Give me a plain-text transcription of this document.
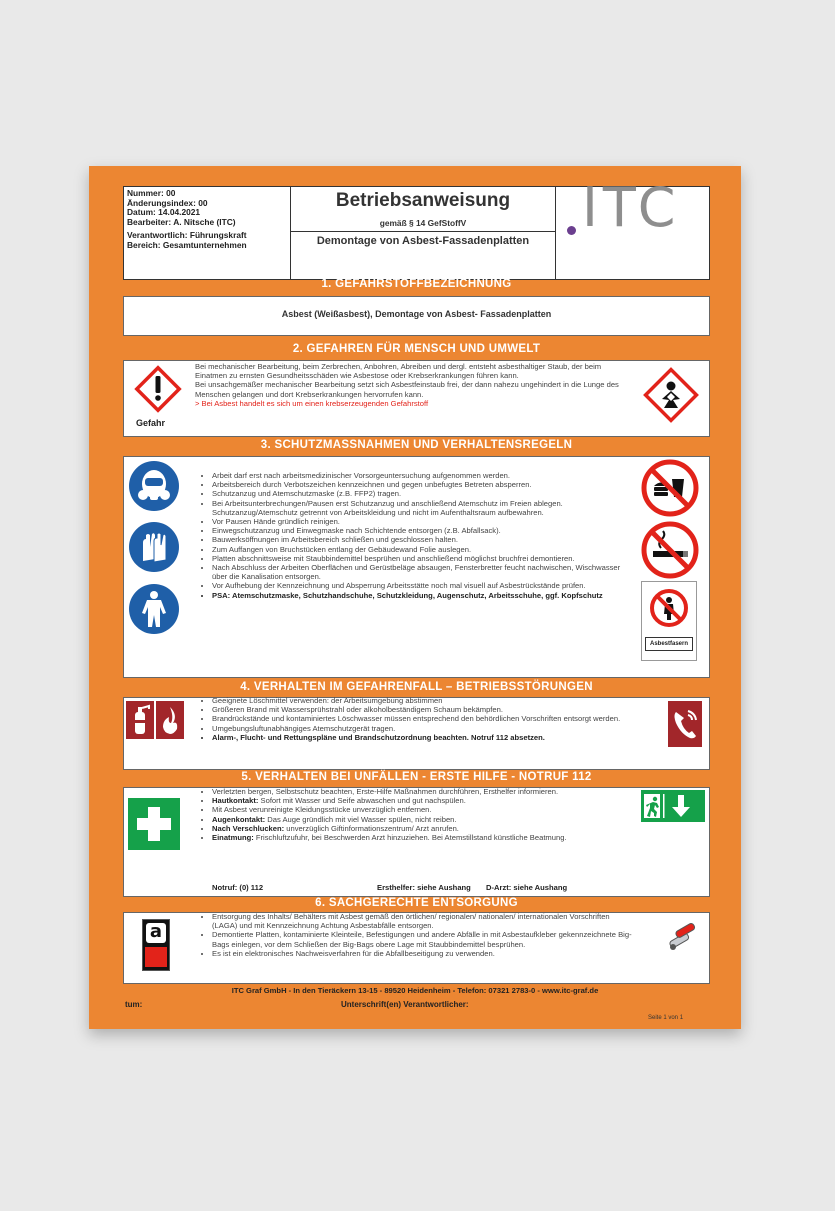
Nummer: 00
Änderungsindex: 00
Datum: 14.04.2021
Bearbeiter: A. Nitsche (ITC)
Verantwortlich: Führungskraft
Bereich: Gesamtunternehmen
Betriebsanweisung
gemäß § 14 GefStoffV
Demontage von Asbest-Fassadenplatten
ITC
1. GEFAHRSTOFFBEZEICHNUNG
Asbest (Weißasbest), Demontage von Asbest- Fassadenplatten
2. GEFAHREN FÜR MENSCH UND UMWELT
Gefahr
Bei mechanischer Bearbeitung, beim Zerbrechen, Anbohren, Abreiben und dergl. entsteht asbesthaltiger Staub, der beim Einatmen zu ernsten Gesundheitsschäden wie Asbestose oder Krebserkrankungen führen kann.
Bei unsachgemäßer mechanischer Bearbeitung setzt sich Asbestfeinstaub frei, der dann nahezu ungehindert in die Lunge des Menschen gelangen und dort Krebserkrankungen hervorrufen kann.
> Bei Asbest handelt es sich um einen krebserzeugenden Gefahrstoff
3. SCHUTZMASSNAHMEN UND VERHALTENSREGELN
• Arbeit darf erst nach arbeitsmedizinischer Vorsorgeuntersuchung aufgenommen werden.
• Arbeitsbereich durch Verbotszeichen kennzeichnen und gegen unbefugtes Betreten absperren.
• Schutzanzug und Atemschutzmaske (z.B. FFP2) tragen.
• Bei Arbeitsunterbrechungen/Pausen erst Schutzanzug und anschließend Atemschutz im Freien ablegen. Schutzanzug/Atemschutz getrennt von Arbeitskleidung und nicht im Aufenthaltsraum aufbewahren.
• Vor Pausen Hände gründlich reinigen.
• Einwegschutzanzug und Einwegmaske nach Schichtende entsorgen (z.B. Abfallsack).
• Bauwerksöffnungen im Arbeitsbereich schließen und geschlossen halten.
• Zum Auffangen von Bruchstücken entlang der Gebäudewand Folie auslegen.
• Platten abschnittsweise mit Staubbindemittel besprühen und anschließend möglichst bruchfrei demontieren.
• Nach Abschluss der Arbeiten Oberflächen und Gerüstbeläge absaugen, Fensterbretter feucht nachwischen, Wischwasser über die Kanalisation entsorgen.
• Vor Aufhebung der Kennzeichnung und Absperrung Arbeitsstätte noch mal visuell auf Asbestrückstände prüfen.
• PSA: Atemschutzmaske, Schutzhandschuhe, Schutzkleidung, Augenschutz, Arbeitsschuhe, ggf. Kopfschutz
Asbestfasern
4. VERHALTEN IM GEFAHRENFALL – BETRIEBSSTÖRUNGEN
• Geeignete Löschmittel verwenden: der Arbeitsumgebung abstimmen
• Größeren Brand mit Wassersprühstrahl oder alkoholbeständigem Schaum bekämpfen.
• Brandrückstände und kontaminiertes Löschwasser müssen entsprechend den behördlichen Vorschriften entsorgt werden.
• Umgebungsluftunabhängiges Atemschutzgerät tragen.
• Alarm-, Flucht- und Rettungspläne und Brandschutzordnung beachten. Notruf 112 absetzen.
5. VERHALTEN BEI UNFÄLLEN - ERSTE HILFE - NOTRUF 112
• Verletzten bergen, Selbstschutz beachten, Erste-Hilfe Maßnahmen durchführen, Ersthelfer informieren.
• Hautkontakt: Sofort mit Wasser und Seife abwaschen und gut nachspülen.
• Mit Asbest verunreinigte Kleidungsstücke unverzüglich entfernen.
• Augenkontakt: Das Auge gründlich mit viel Wasser spülen, nicht reiben.
• Nach Verschlucken: unverzüglich Giftinformationszentrum/ Arzt anrufen.
• Einatmung: Frischluftzufuhr, bei Beschwerden Arzt hinzuziehen. Bei Atemstillstand künstliche Beatmung.
Notruf: (0) 112	Ersthelfer: siehe Aushang D-Arzt: siehe Aushang
6. SACHGERECHTE ENTSORGUNG
a
• Entsorgung des Inhalts/ Behälters mit Asbest gemäß den örtlichen/ regionalen/ nationalen/ internationalen Vorschriften (LAGA) und mit Kennzeichnung Achtung Asbestabfälle entsorgen.
• Demontierte Platten, kontaminierte Kleinteile, Befestigungen und andere Abfälle in mit Asbestaufkleber gekennzeichnete Big-Bags einlegen, vor dem Schließen der Big-Bags obere Lage mit Staubbindemittel besprühen.
• Es ist ein elektronisches Nachweisverfahren für die Abfallbeseitigung zu verwenden.
ITC Graf GmbH - In den Tieräckern 13-15 - 89520 Heidenheim - Telefon: 07321 2783-0 - www.itc-graf.de
tum:	Unterschrift(en) Verantwortlicher:
Seite 1 von 1
